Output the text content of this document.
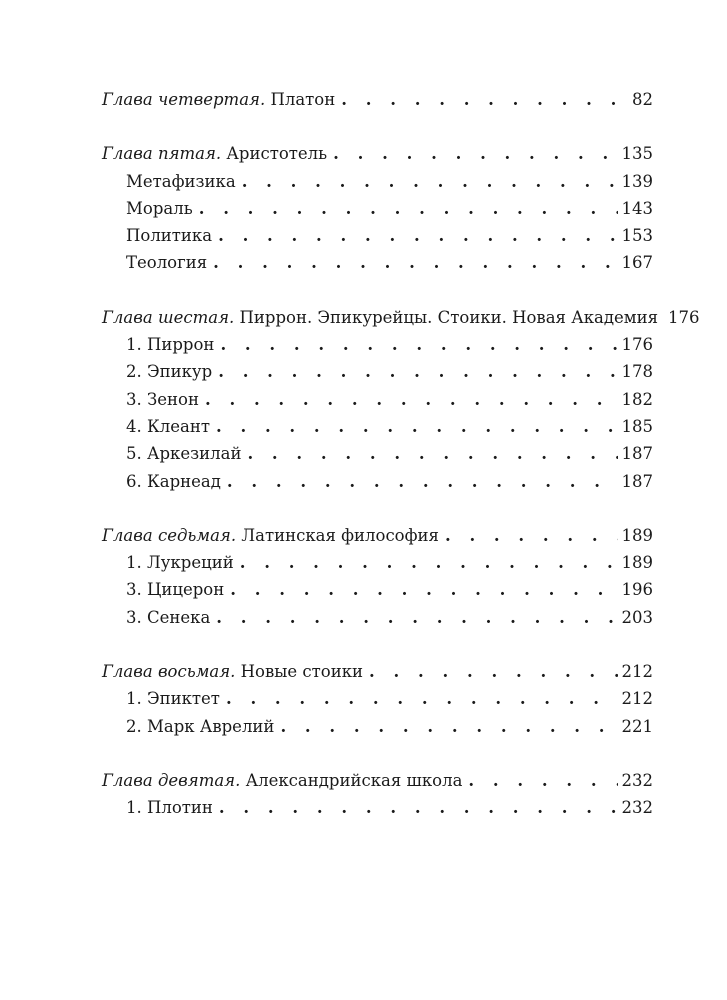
Глава четвертая. Платон . . .	82
Глава пятая. Аристотель . . .	135
Метафизика . . .	139
Мораль . . .	143
Политика . . .	153
Теология . . .	167
Глава шестая. Пиррон. Эпикурейцы. Стоики. Новая Академия 176
1. Пиррон . . .	176
2. Эпикур . . .	178
3. Зенон . . .	182
4. Клеант . . .	185
5. Аркезилай . . .	187
6. Карнеад . . .	187
Глава седьмая. Латинская философия . . .	189
1. Лукреций . . .	189
3. Цицерон . . .	196
3. Сенека . . .	203
Глава восьмая. Новые стоики . . .	212
1. Эпиктет . . .	212
2. Марк Аврелий . . .	221
Глава девятая. Александрийская школа . . .	232
1. Плотин . . .	232
